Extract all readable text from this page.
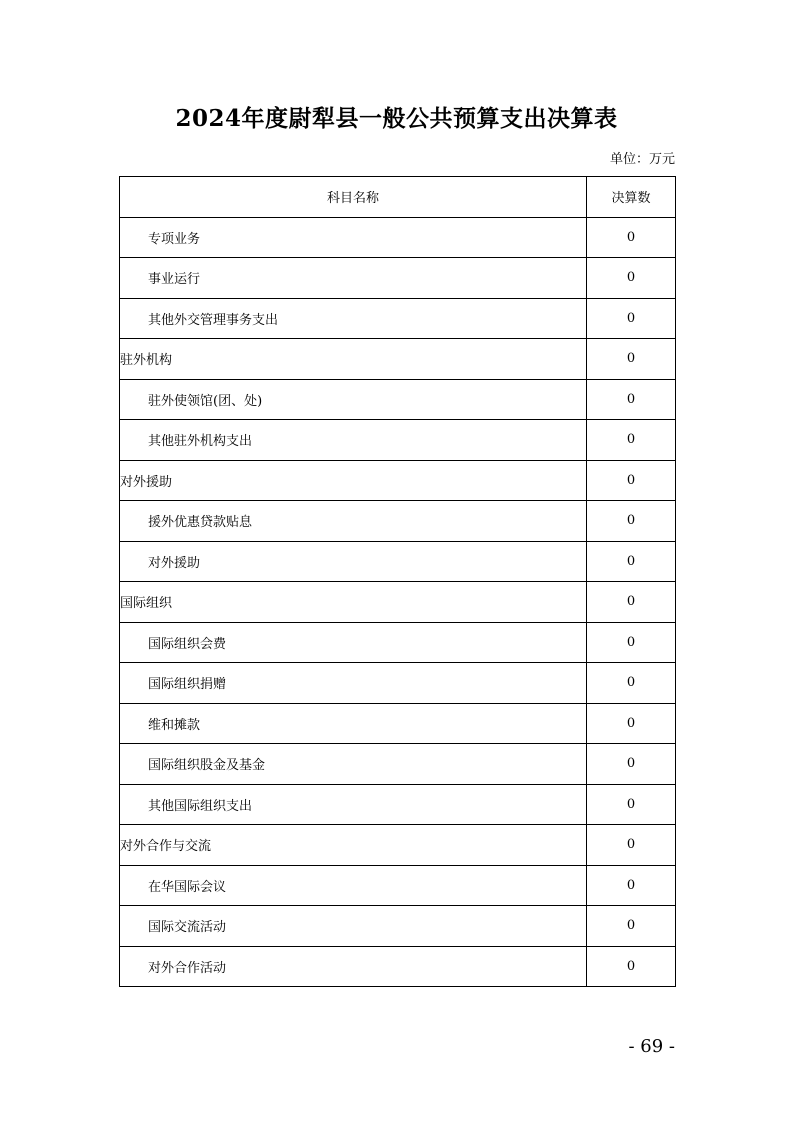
2024年度尉犁县一般公共预算支出决算表
单位：万元
科目名称	决算数
专项业务	0
事业运行	0
其他外交管理事务支出	0
驻外机构	0
驻外使领馆(团、处)	0
其他驻外机构支出	0
对外援助	0
援外优惠贷款贴息	0
对外援助	0
国际组织	0
国际组织会费	0
国际组织捐赠	0
维和摊款	0
国际组织股金及基金	0
其他国际组织支出	0
对外合作与交流	0
在华国际会议	0
国际交流活动	0
对外合作活动	0
- 69 -
